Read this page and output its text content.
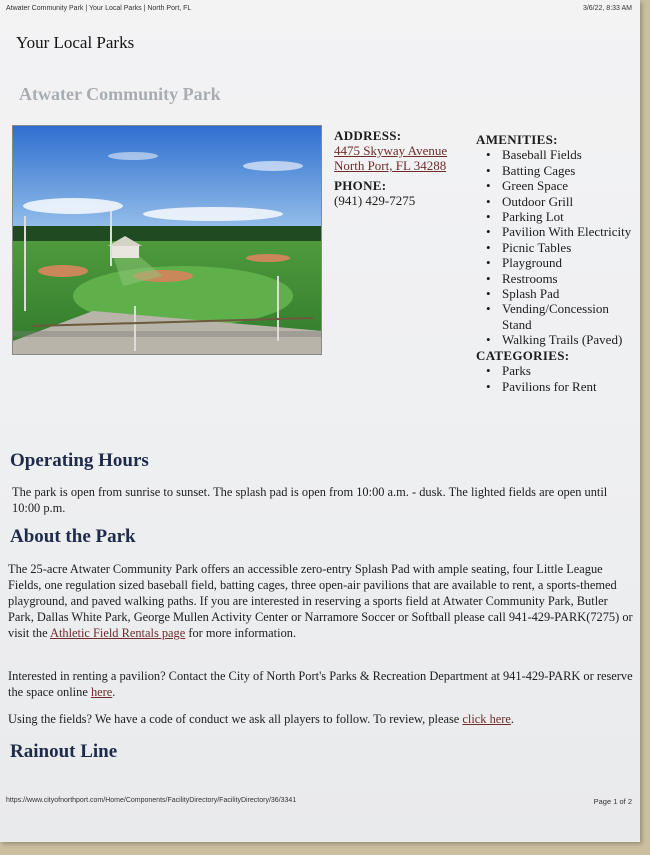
Atwater Community Park | Your Local Parks | North Port, FL	3/6/22, 8:33 AM
Your Local Parks
Atwater Community Park
ADDRESS:
4475 Skyway Avenue
North Port, FL 34288
PHONE:
(941) 429-7275
AMENITIES:
• Baseball Fields
• Batting Cages
• Green Space
• Outdoor Grill
• Parking Lot
• Pavilion With Electricity
• Picnic Tables
• Playground
• Restrooms
• Splash Pad
• Vending/Concession Stand
• Walking Trails (Paved)
CATEGORIES:
• Parks
• Pavilions for Rent
Operating Hours
The park is open from sunrise to sunset. The splash pad is open from 10:00 a.m. - dusk. The lighted fields are open until 10:00 p.m.
About the Park
The 25-acre Atwater Community Park offers an accessible zero-entry Splash Pad with ample seating, four Little League Fields, one regulation sized baseball field, batting cages, three open-air pavilions that are available to rent, a sports-themed playground, and paved walking paths. If you are interested in reserving a sports field at Atwater Community Park, Butler Park, Dallas White Park, George Mullen Activity Center or Narramore Soccer or Softball please call 941-429-PARK(7275) or visit the Athletic Field Rentals page for more information.
Interested in renting a pavilion? Contact the City of North Port's Parks & Recreation Department at 941-429-PARK or reserve the space online here.
Using the fields? We have a code of conduct we ask all players to follow. To review, please click here.
Rainout Line
https://www.cityofnorthport.com/Home/Components/FacilityDirectory/FacilityDirectory/36/3341	Page 1 of 2
